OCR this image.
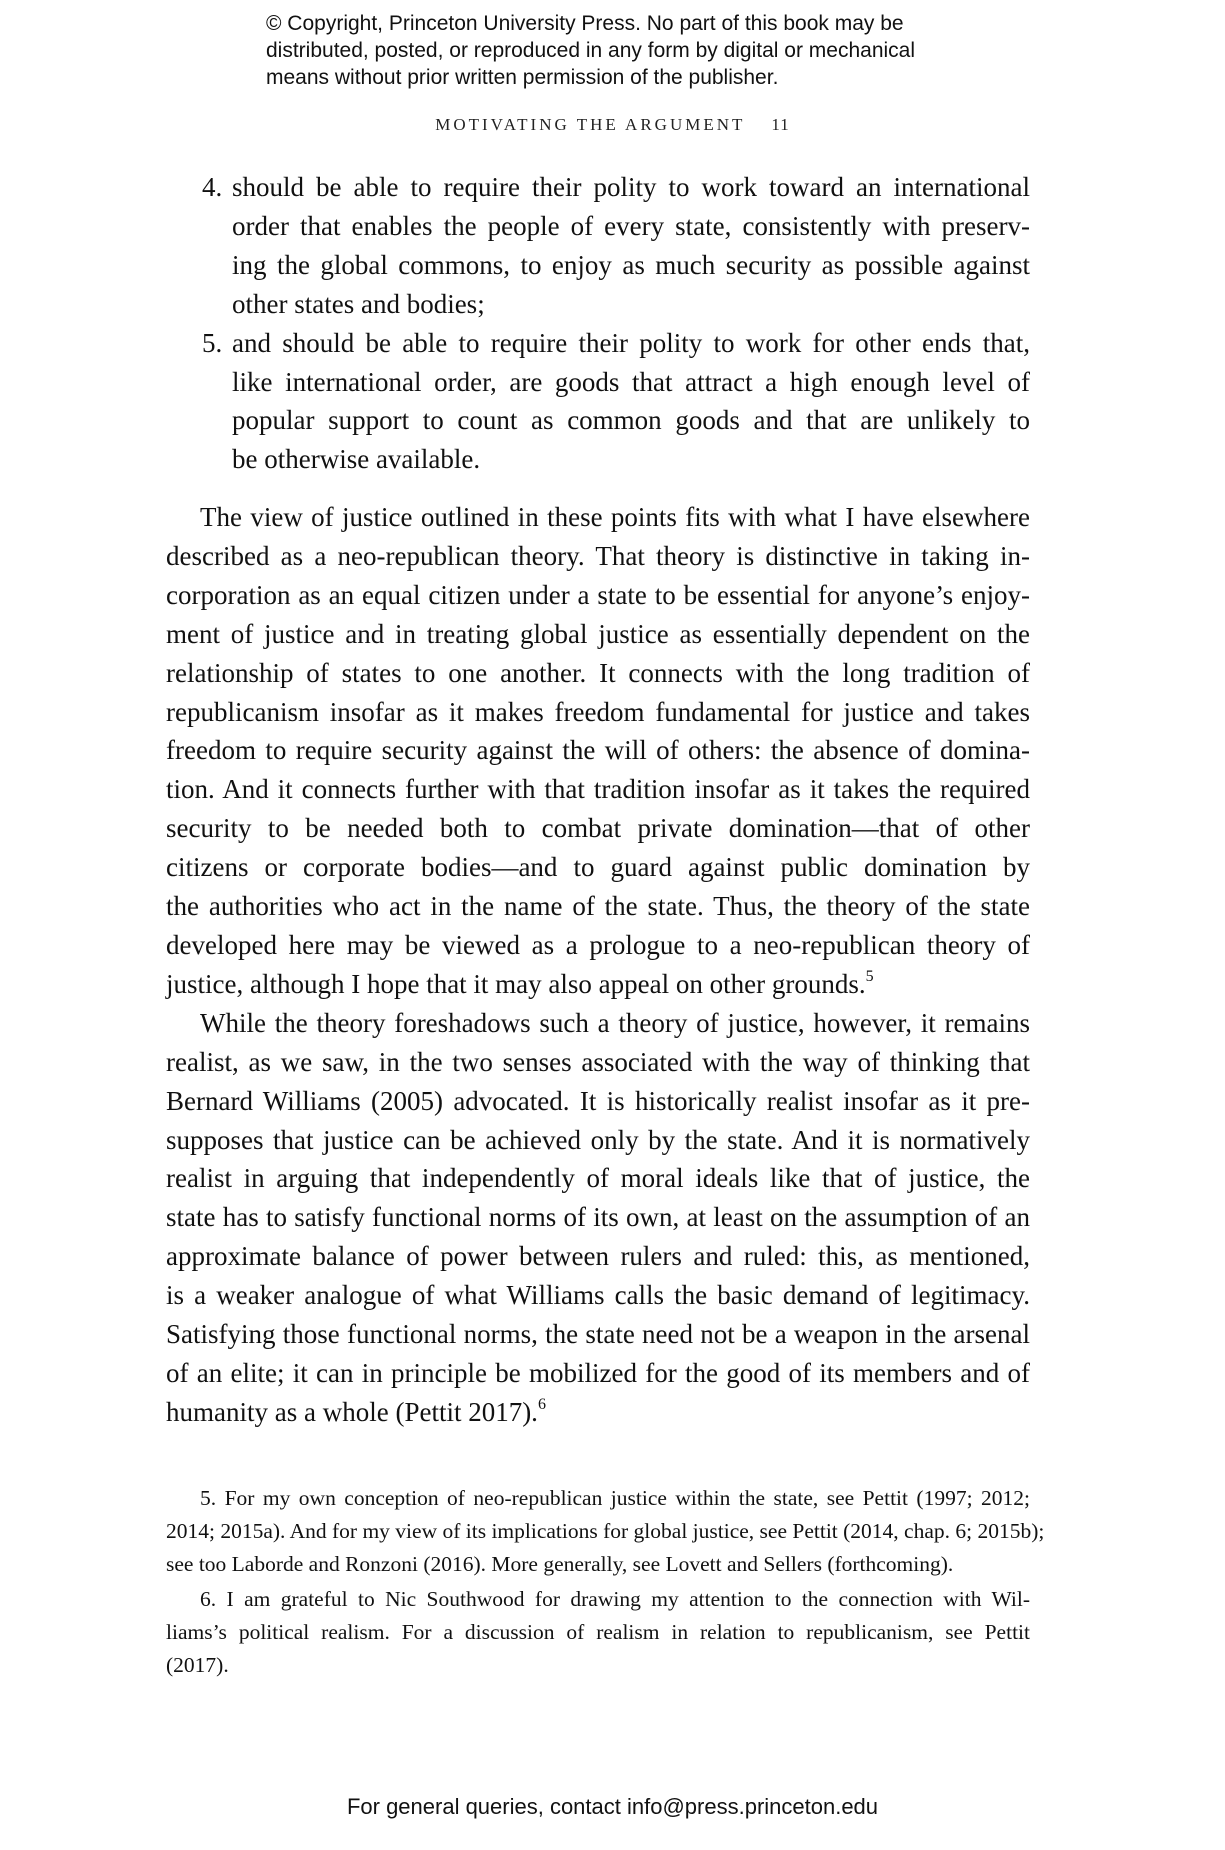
© Copyright, Princeton University Press. No part of this book may be
distributed, posted, or reproduced in any form by digital or mechanical
means without prior written permission of the publisher.
MOTIVATING THE ARGUMENT 11
4. should be able to require their polity to work toward an international
order that enables the people of every state, consistently with preserv-
ing the global commons, to enjoy as much security as possible against
other states and bodies;
5. and should be able to require their polity to work for other ends that,
like international order, are goods that attract a high enough level of
popular support to count as common goods and that are unlikely to
be otherwise available.
The view of justice outlined in these points fits with what I have elsewhere
described as a neo-republican theory. That theory is distinctive in taking in-
corporation as an equal citizen under a state to be essential for anyone’s enjoy-
ment of justice and in treating global justice as essentially dependent on the
relationship of states to one another. It connects with the long tradition of
republicanism insofar as it makes freedom fundamental for justice and takes
freedom to require security against the will of others: the absence of domina-
tion. And it connects further with that tradition insofar as it takes the required
security to be needed both to combat private domination—that of other
citizens or corporate bodies—and to guard against public domination by
the authorities who act in the name of the state. Thus, the theory of the state
developed here may be viewed as a prologue to a neo-republican theory of
justice, although I hope that it may also appeal on other grounds.$^5$
While the theory foreshadows such a theory of justice, however, it remains
realist, as we saw, in the two senses associated with the way of thinking that
Bernard Williams (2005) advocated. It is historically realist insofar as it pre-
supposes that justice can be achieved only by the state. And it is normatively
realist in arguing that independently of moral ideals like that of justice, the
state has to satisfy functional norms of its own, at least on the assumption of an
approximate balance of power between rulers and ruled: this, as mentioned,
is a weaker analogue of what Williams calls the basic demand of legitimacy.
Satisfying those functional norms, the state need not be a weapon in the arsenal
of an elite; it can in principle be mobilized for the good of its members and of
humanity as a whole (Pettit 2017).$^6$
5. For my own conception of neo-republican justice within the state, see Pettit (1997; 2012;
2014; 2015a). And for my view of its implications for global justice, see Pettit (2014, chap. 6; 2015b);
see too Laborde and Ronzoni (2016). More generally, see Lovett and Sellers (forthcoming).
6. I am grateful to Nic Southwood for drawing my attention to the connection with Wil-
liams’s political realism. For a discussion of realism in relation to republicanism, see Pettit
(2017).
For general queries, contact info@press.princeton.edu
